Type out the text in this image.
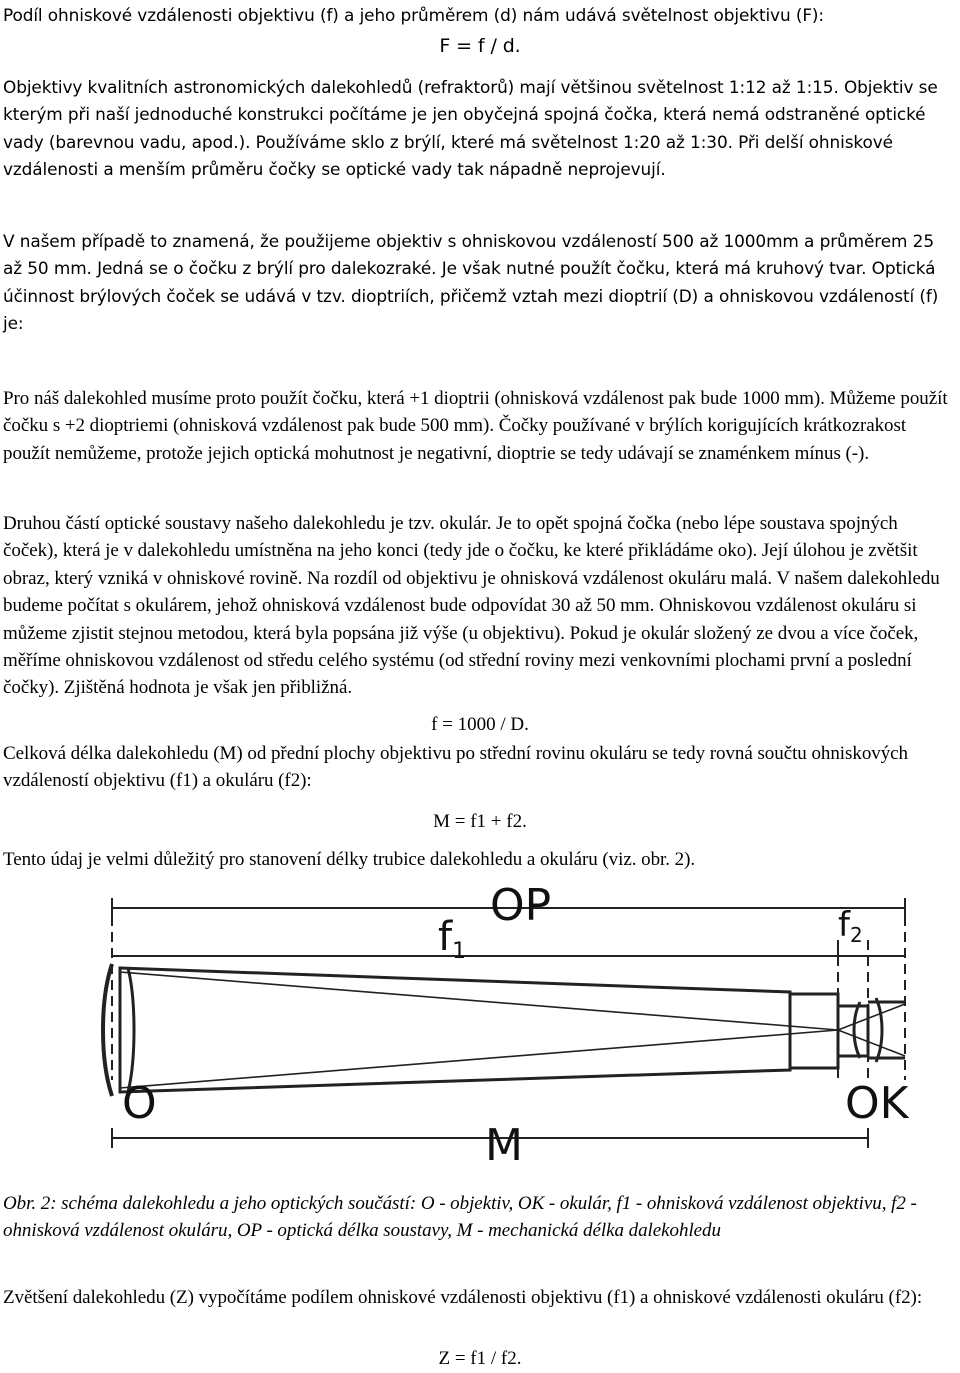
Podíl ohniskové vzdálenosti objektivu (f) a jeho průměrem (d) nám udává světelnost objektivu (F):

F = f / d.

Objektivy kvalitních astronomických dalekohledů (refraktorů) mají většinou světelnost 1:12 až 1:15. Objektiv se kterým při naší jednoduché konstrukci počítáme je jen obyčejná spojná čočka, která nemá odstraněné optické vady (barevnou vadu, apod.). Používáme sklo z brýlí, které má světelnost 1:20 až 1:30. Při delší ohniskové vzdálenosti a menším průměru čočky se optické vady tak nápadně neprojevují.

V našem případě to znamená, že použijeme objektiv s ohniskovou vzdáleností 500 až 1000mm a průměrem 25 až 50 mm. Jedná se o čočku z brýlí pro dalekozraké. Je však nutné použít čočku, která má kruhový tvar. Optická účinnost brýlových čoček se udává v tzv. dioptriích, přičemž vztah mezi dioptrií (D) a ohniskovou vzdáleností (f) je:

f = 1000 / D.

Pro náš dalekohled musíme proto použít čočku, která +1 dioptrii (ohnisková vzdálenost pak bude 1000 mm). Můžeme použít čočku s +2 dioptriemi (ohnisková vzdálenost pak bude 500 mm). Čočky používané v brýlích korigujících krátkozrakost použít nemůžeme, protože jejich optická mohutnost je negativní, dioptrie se tedy udávají se znaménkem mínus (-).

Druhou částí optické soustavy našeho dalekohledu je tzv. okulár. Je to opět spojná čočka (nebo lépe soustava spojných čoček), která je v dalekohledu umístněna na jeho konci (tedy jde o čočku, ke které přikládáme oko). Její úlohou je zvětšit obraz, který vzniká v ohniskové rovině. Na rozdíl od objektivu je ohnisková vzdálenost okuláru malá. V našem dalekohledu budeme počítat s okulárem, jehož ohnisková vzdálenost bude odpovídat 30 až 50 mm. Ohniskovou vzdálenost okuláru si můžeme zjistit stejnou metodou, která byla popsána již výše (u objektivu). Pokud je okulár složený ze dvou a více čoček, měříme ohniskovou vzdálenost od středu celého systému (od střední roviny mezi venkovními plochami první a poslední čočky). Zjištěná hodnota je však jen přibližná.

Celková délka dalekohledu (M) od přední plochy objektivu po střední rovinu okuláru se tedy rovná součtu ohniskových vzdáleností objektivu (f1) a okuláru (f2):

M = f1 + f2.

Tento údaj je velmi důležitý pro stanovení délky trubice dalekohledu a okuláru (viz. obr. 2).

OP
$f_1$
f2
O	OK
M

Obr. 2: schéma dalekohledu a jeho optických součástí: O - objektiv, OK - okulár, f1 - ohnisková vzdálenost objektivu, f2 - ohnisková vzdálenost okuláru, OP - optická délka soustavy, M - mechanická délka dalekohledu

Zvětšení dalekohledu (Z) vypočítáme podílem ohniskové vzdálenosti objektivu (f1) a ohniskové vzdálenosti okuláru (f2):

Z = f1 / f2.
